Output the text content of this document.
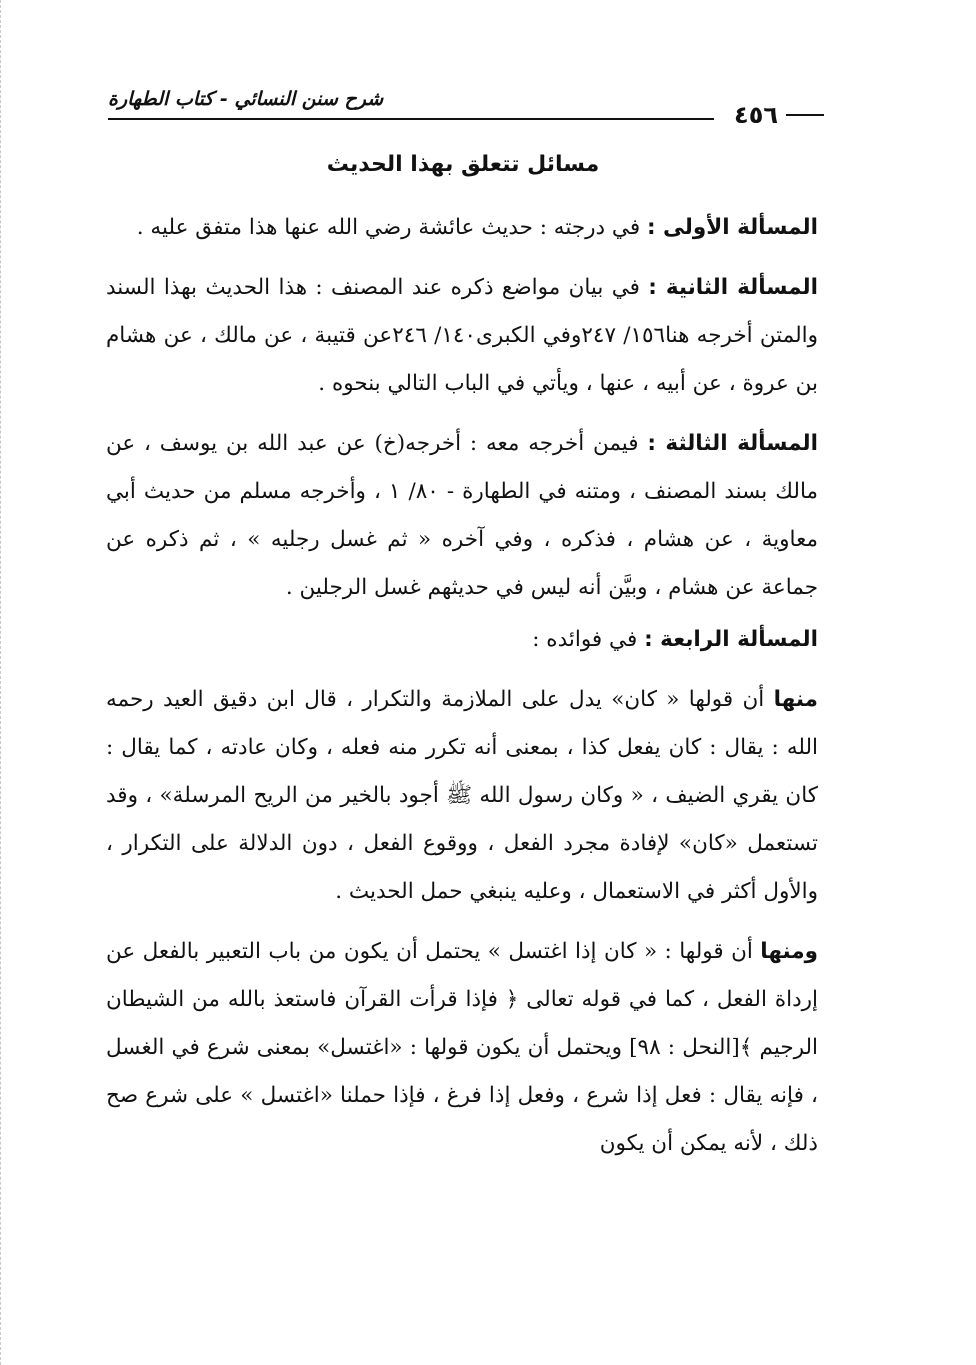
شرح سنن النسائي - كتاب الطهارة
٤٥٦
مسائل تتعلق بهذا الحديث

المسألة الأولى : في درجته : حديث عائشة رضي الله عنها هذا متفق عليه .

المسألة الثانية : في بيان مواضع ذكره عند المصنف : هذا الحديث بهذا السند والمتن أخرجه هنا١٥٦/ ٢٤٧وفي الكبرى١٤٠/ ٢٤٦عن قتيبة ، عن مالك ، عن هشام بن عروة ، عن أبيه ، عنها ، ويأتي في الباب التالي بنحوه .

المسألة الثالثة : فيمن أخرجه معه : أخرجه(خ) عن عبد الله بن يوسف ، عن مالك بسند المصنف ، ومتنه في الطهارة - ٨٠/ ١ ، وأخرجه مسلم من حديث أبي معاوية ، عن هشام ، فذكره ، وفي آخره « ثم غسل رجليه » ، ثم ذكره عن جماعة عن هشام ، وبيَّن أنه ليس في حديثهم غسل الرجلين .

المسألة الرابعة : في فوائده :

منها أن قولها « كان» يدل على الملازمة والتكرار ، قال ابن دقيق العيد رحمه الله : يقال : كان يفعل كذا ، بمعنى أنه تكرر منه فعله ، وكان عادته ، كما يقال : كان يقري الضيف ، « وكان رسول الله ﷺ أجود بالخير من الريح المرسلة» ، وقد تستعمل «كان» لإفادة مجرد الفعل ، ووقوع الفعل ، دون الدلالة على التكرار ، والأول أكثر في الاستعمال ، وعليه ينبغي حمل الحديث .

ومنها أن قولها : « كان إذا اغتسل » يحتمل أن يكون من باب التعبير بالفعل عن إرداة الفعل ، كما في قوله تعالى ﴿ فإذا قرأت القرآن فاستعذ بالله من الشيطان الرجيم ﴾[النحل : ٩٨] ويحتمل أن يكون قولها : «اغتسل» بمعنى شرع في الغسل ، فإنه يقال : فعل إذا شرع ، وفعل إذا فرغ ، فإذا حملنا «اغتسل » على شرع صح ذلك ، لأنه يمكن أن يكون
